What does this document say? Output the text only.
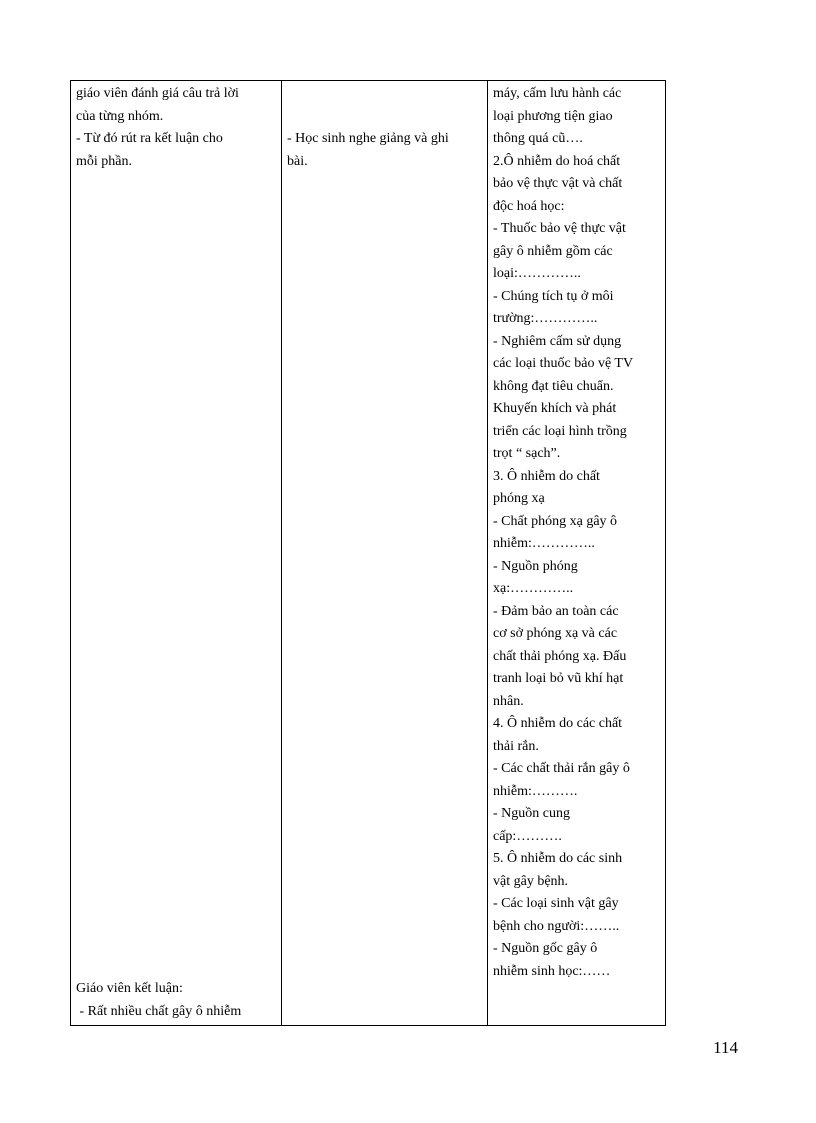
giáo viên đánh giá câu trả lời
của từng nhóm.
- Từ đó rút ra kết luận cho
mỗi phần.
Giáo viên kết luận:
- Rất nhiều chất gây ô nhiễm

- Học sinh nghe giảng và ghi
bài.

máy, cấm lưu hành các
loại phương tiện giao
thông quá cũ….
2.Ô nhiễm do hoá chất
bảo vệ thực vật và chất
độc hoá học:
- Thuốc bảo vệ thực vật
gây ô nhiễm gồm các
loại:…………..
- Chúng tích tụ ở môi
trường:…………..
- Nghiêm cấm sử dụng
các loại thuốc bảo vệ TV
không đạt tiêu chuẩn.
Khuyến khích và phát
triển các loại hình trồng
trọt “ sạch”.
3. Ô nhiễm do chất
phóng xạ
- Chất phóng xạ gây ô
nhiễm:…………..
- Nguồn phóng
xạ:…………..
- Đảm bảo an toàn các
cơ sở phóng xạ và các
chất thải phóng xạ. Đấu
tranh loại bỏ vũ khí hạt
nhân.
4. Ô nhiễm do các chất
thải rắn.
- Các chất thải rắn gây ô
nhiễm:……….
- Nguồn cung
cấp:……….
5. Ô nhiễm do các sinh
vật gây bệnh.
- Các loại sinh vật gây
bệnh cho người:……..
- Nguồn gốc gây ô
nhiễm sinh học:……
114
